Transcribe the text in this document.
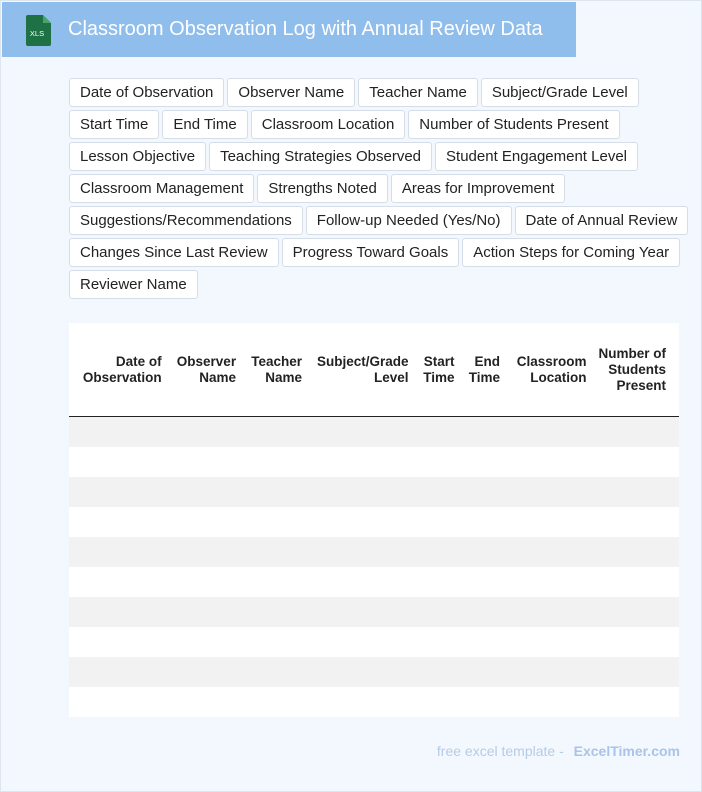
XLS Classroom Observation Log with Annual Review Data
Date of Observation	Observer Name	Teacher Name	Subject/Grade Level
Start Time	End Time	Classroom Location	Number of Students Present
Lesson Objective	Teaching Strategies Observed	Student Engagement Level
Classroom Management	Strengths Noted	Areas for Improvement
Suggestions/Recommendations	Follow-up Needed (Yes/No)	Date of Annual Review
Changes Since Last Review	Progress Toward Goals	Action Steps for Coming Year
Reviewer Name
Date of Observation	Observer Name	Teacher Name	Subject/Grade Level	Start Time	End Time	Classroom Location	Number of Students Present

free excel template - ExcelTimer.com
